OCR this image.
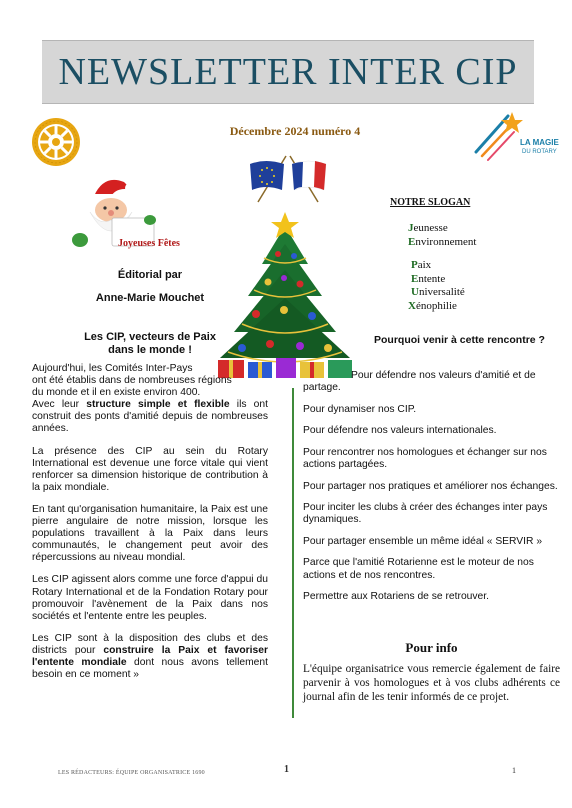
NEWSLETTER INTER CIP
Décembre 2024 numéro 4
LA MAGIE
DU ROTARY
Joyeuses Fêtes
Éditorial par
Anne-Marie Mouchet
Les CIP, vecteurs de Paix
dans le monde !

Aujourd'hui, les Comités Inter-Pays
ont été établis dans de nombreuses régions
du monde et il en existe environ 400.

Avec leur structure simple et flexible ils ont construit des ponts d'amitié depuis de nombreuses années.

La présence des CIP au sein du Rotary International est devenue une force vitale qui vient renforcer sa dimension historique de contribution à la paix mondiale.

En tant qu'organisation humanitaire, la Paix est une pierre angulaire de notre mission, lorsque les populations travaillent à la Paix dans leurs communautés, le changement peut avoir des répercussions au niveau mondial.

Les CIP agissent alors comme une force d'appui du Rotary International et de la Fondation Rotary pour promouvoir l'avènement de la Paix dans nos sociétés et l'entente entre les peuples.

Les CIP sont à la disposition des clubs et des districts pour construire la Paix et favoriser l'entente mondiale dont nous avons tellement besoin en ce moment »

NOTRE SLOGAN
Jeunesse
Environnement
Paix
Entente
Universalité
Xénophilie
Pourquoi venir à cette rencontre ?

Pour défendre nos valeurs d'amitié et de partage.

Pour dynamiser nos CIP.

Pour défendre nos valeurs internationales.

Pour rencontrer nos homologues et échanger sur nos actions partagées.

Pour partager nos pratiques et améliorer nos échanges.

Pour inciter les clubs à créer des échanges inter pays dynamiques.

Pour partager ensemble un même idéal « SERVIR »

Parce que l'amitié Rotarienne est le moteur de nos actions et de nos rencontres.

Permettre aux Rotariens de se retrouver.

Pour info
L'équipe organisatrice vous remercie également de faire parvenir à vos homologues et à vos clubs adhérents ce journal afin de les tenir informés de ce projet.
LES RÉDACTEURS: ÉQUIPE ORGANISATRICE 1690	1	1
